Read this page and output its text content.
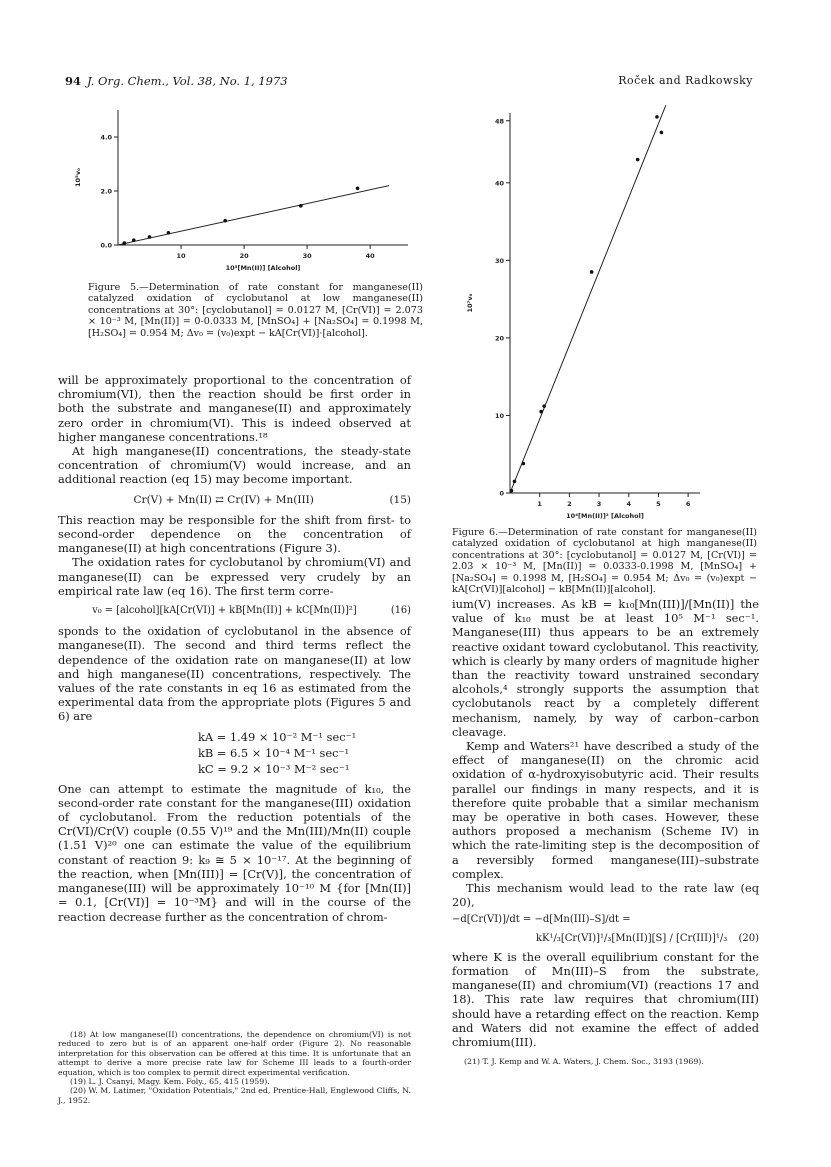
94 J. Org. Chem., Vol. 38, No. 1, 1973	Roček and Radkowsky
10	20	30	40
0.0
2.0
4.0
10⁵[Mn(II)] [Alcohol]
10⁵v₀
Figure 5.—Determination of rate constant for manganese(II) catalyzed oxidation of cyclobutanol at low manganese(II) concentrations at 30°: [cyclobutanol] = 0.0127 M, [Cr(VI)] = 2.073 × 10⁻³ M, [Mn(II)] = 0-0.0333 M, [MnSO₄] + [Na₂SO₄] = 0.1998 M, [H₂SO₄] = 0.954 M; Δv₀ = (v₀)expt − kA[Cr(VI)]·[alcohol].
1	2	3	4	5	6
0
10
20
30
40
48
10⁴[Mn(II)]² [Alcohol]
10⁷v₀
Figure 6.—Determination of rate constant for manganese(II) catalyzed oxidation of cyclobutanol at high manganese(II) concentrations at 30°: [cyclobutanol] = 0.0127 M, [Cr(VI)] = 2.03 × 10⁻³ M, [Mn(II)] = 0.0333-0.1998 M, [MnSO₄] + [Na₂SO₄] = 0.1998 M, [H₂SO₄] = 0.954 M; Δv₀ = (v₀)expt − kA[Cr(VI)][alcohol] − kB[Mn(II)][alcohol].

will be approximately proportional to the concentration of chromium(VI), then the reaction should be first order in both the substrate and manganese(II) and approximately zero order in chromium(VI). This is indeed observed at higher manganese concentrations.¹⁸

At high manganese(II) concentrations, the steady-state concentration of chromium(V) would increase, and an additional reaction (eq 15) may become important.

Cr(V) + Mn(II) ⇄ Cr(IV) + Mn(III)	(15)

This reaction may be responsible for the shift from first- to second-order dependence on the concentration of manganese(II) at high concentrations (Figure 3).

The oxidation rates for cyclobutanol by chromium(VI) and manganese(II) can be expressed very crudely by an empirical rate law (eq 16). The first term corre-

v₀ = [alcohol][kA[Cr(VI)] + kB[Mn(II)] + kC[Mn(II)]²]	(16)

sponds to the oxidation of cyclobutanol in the absence of manganese(II). The second and third terms reflect the dependence of the oxidation rate on manganese(II) at low and high manganese(II) concentrations, respectively. The values of the rate constants in eq 16 as estimated from the experimental data from the appropriate plots (Figures 5 and 6) are

kA = 1.49 × 10⁻² M⁻¹ sec⁻¹
kB = 6.5 × 10⁻⁴ M⁻¹ sec⁻¹
kC = 9.2 × 10⁻³ M⁻² sec⁻¹

One can attempt to estimate the magnitude of k₁₀, the second-order rate constant for the manganese(III) oxidation of cyclobutanol. From the reduction potentials of the Cr(VI)/Cr(V) couple (0.55 V)¹⁹ and the Mn(III)/Mn(II) couple (1.51 V)²⁰ one can estimate the value of the equilibrium constant of reaction 9: k₉ ≅ 5 × 10⁻¹⁷. At the beginning of the reaction, when [Mn(III)] = [Cr(V)], the concentration of manganese(III) will be approximately 10⁻¹⁰ M {for [Mn(II)] = 0.1, [Cr(VI)] = 10⁻³M} and will in the course of the reaction decrease further as the concentration of chrom-

(18) At low manganese(II) concentrations, the dependence on chromium(VI) is not reduced to zero but is of an apparent one-half order (Figure 2). No reasonable interpretation for this observation can be offered at this time. It is unfortunate that an attempt to derive a more precise rate law for Scheme III leads to a fourth-order equation, which is too complex to permit direct experimental verification.
(19) L. J. Csanyi, Magy. Kem. Foly., 65, 415 (1959).
(20) W. M. Latimer, "Oxidation Potentials," 2nd ed, Prentice-Hall, Englewood Cliffs, N. J., 1952.

ium(V) increases. As kB = k₁₀[Mn(III)]/[Mn(II)] the value of k₁₀ must be at least 10⁵ M⁻¹ sec⁻¹. Manganese(III) thus appears to be an extremely reactive oxidant toward cyclobutanol. This reactivity, which is clearly by many orders of magnitude higher than the reactivity toward unstrained secondary alcohols,⁴ strongly supports the assumption that cyclobutanols react by a completely different mechanism, namely, by way of carbon–carbon cleavage.

Kemp and Waters²¹ have described a study of the effect of manganese(II) on the chromic acid oxidation of α-hydroxyisobutyric acid. Their results parallel our findings in many respects, and it is therefore quite probable that a similar mechanism may be operative in both cases. However, these authors proposed a mechanism (Scheme IV) in which the rate-limiting step is the decomposition of a reversibly formed manganese(III)–substrate complex.

This mechanism would lead to the rate law (eq 20),

−d[Cr(VI)]/dt = −d[Mn(III)–S]/dt =
kK¹/₃[Cr(VI)]¹/₃[Mn(II)][S] / [Cr(III)]¹/₃ (20)

where K is the overall equilibrium constant for the formation of Mn(III)–S from the substrate, manganese(II) and chromium(VI) (reactions 17 and 18). This rate law requires that chromium(III) should have a retarding effect on the reaction. Kemp and Waters did not examine the effect of added chromium(III).

(21) T. J. Kemp and W. A. Waters, J. Chem. Soc., 3193 (1969).
